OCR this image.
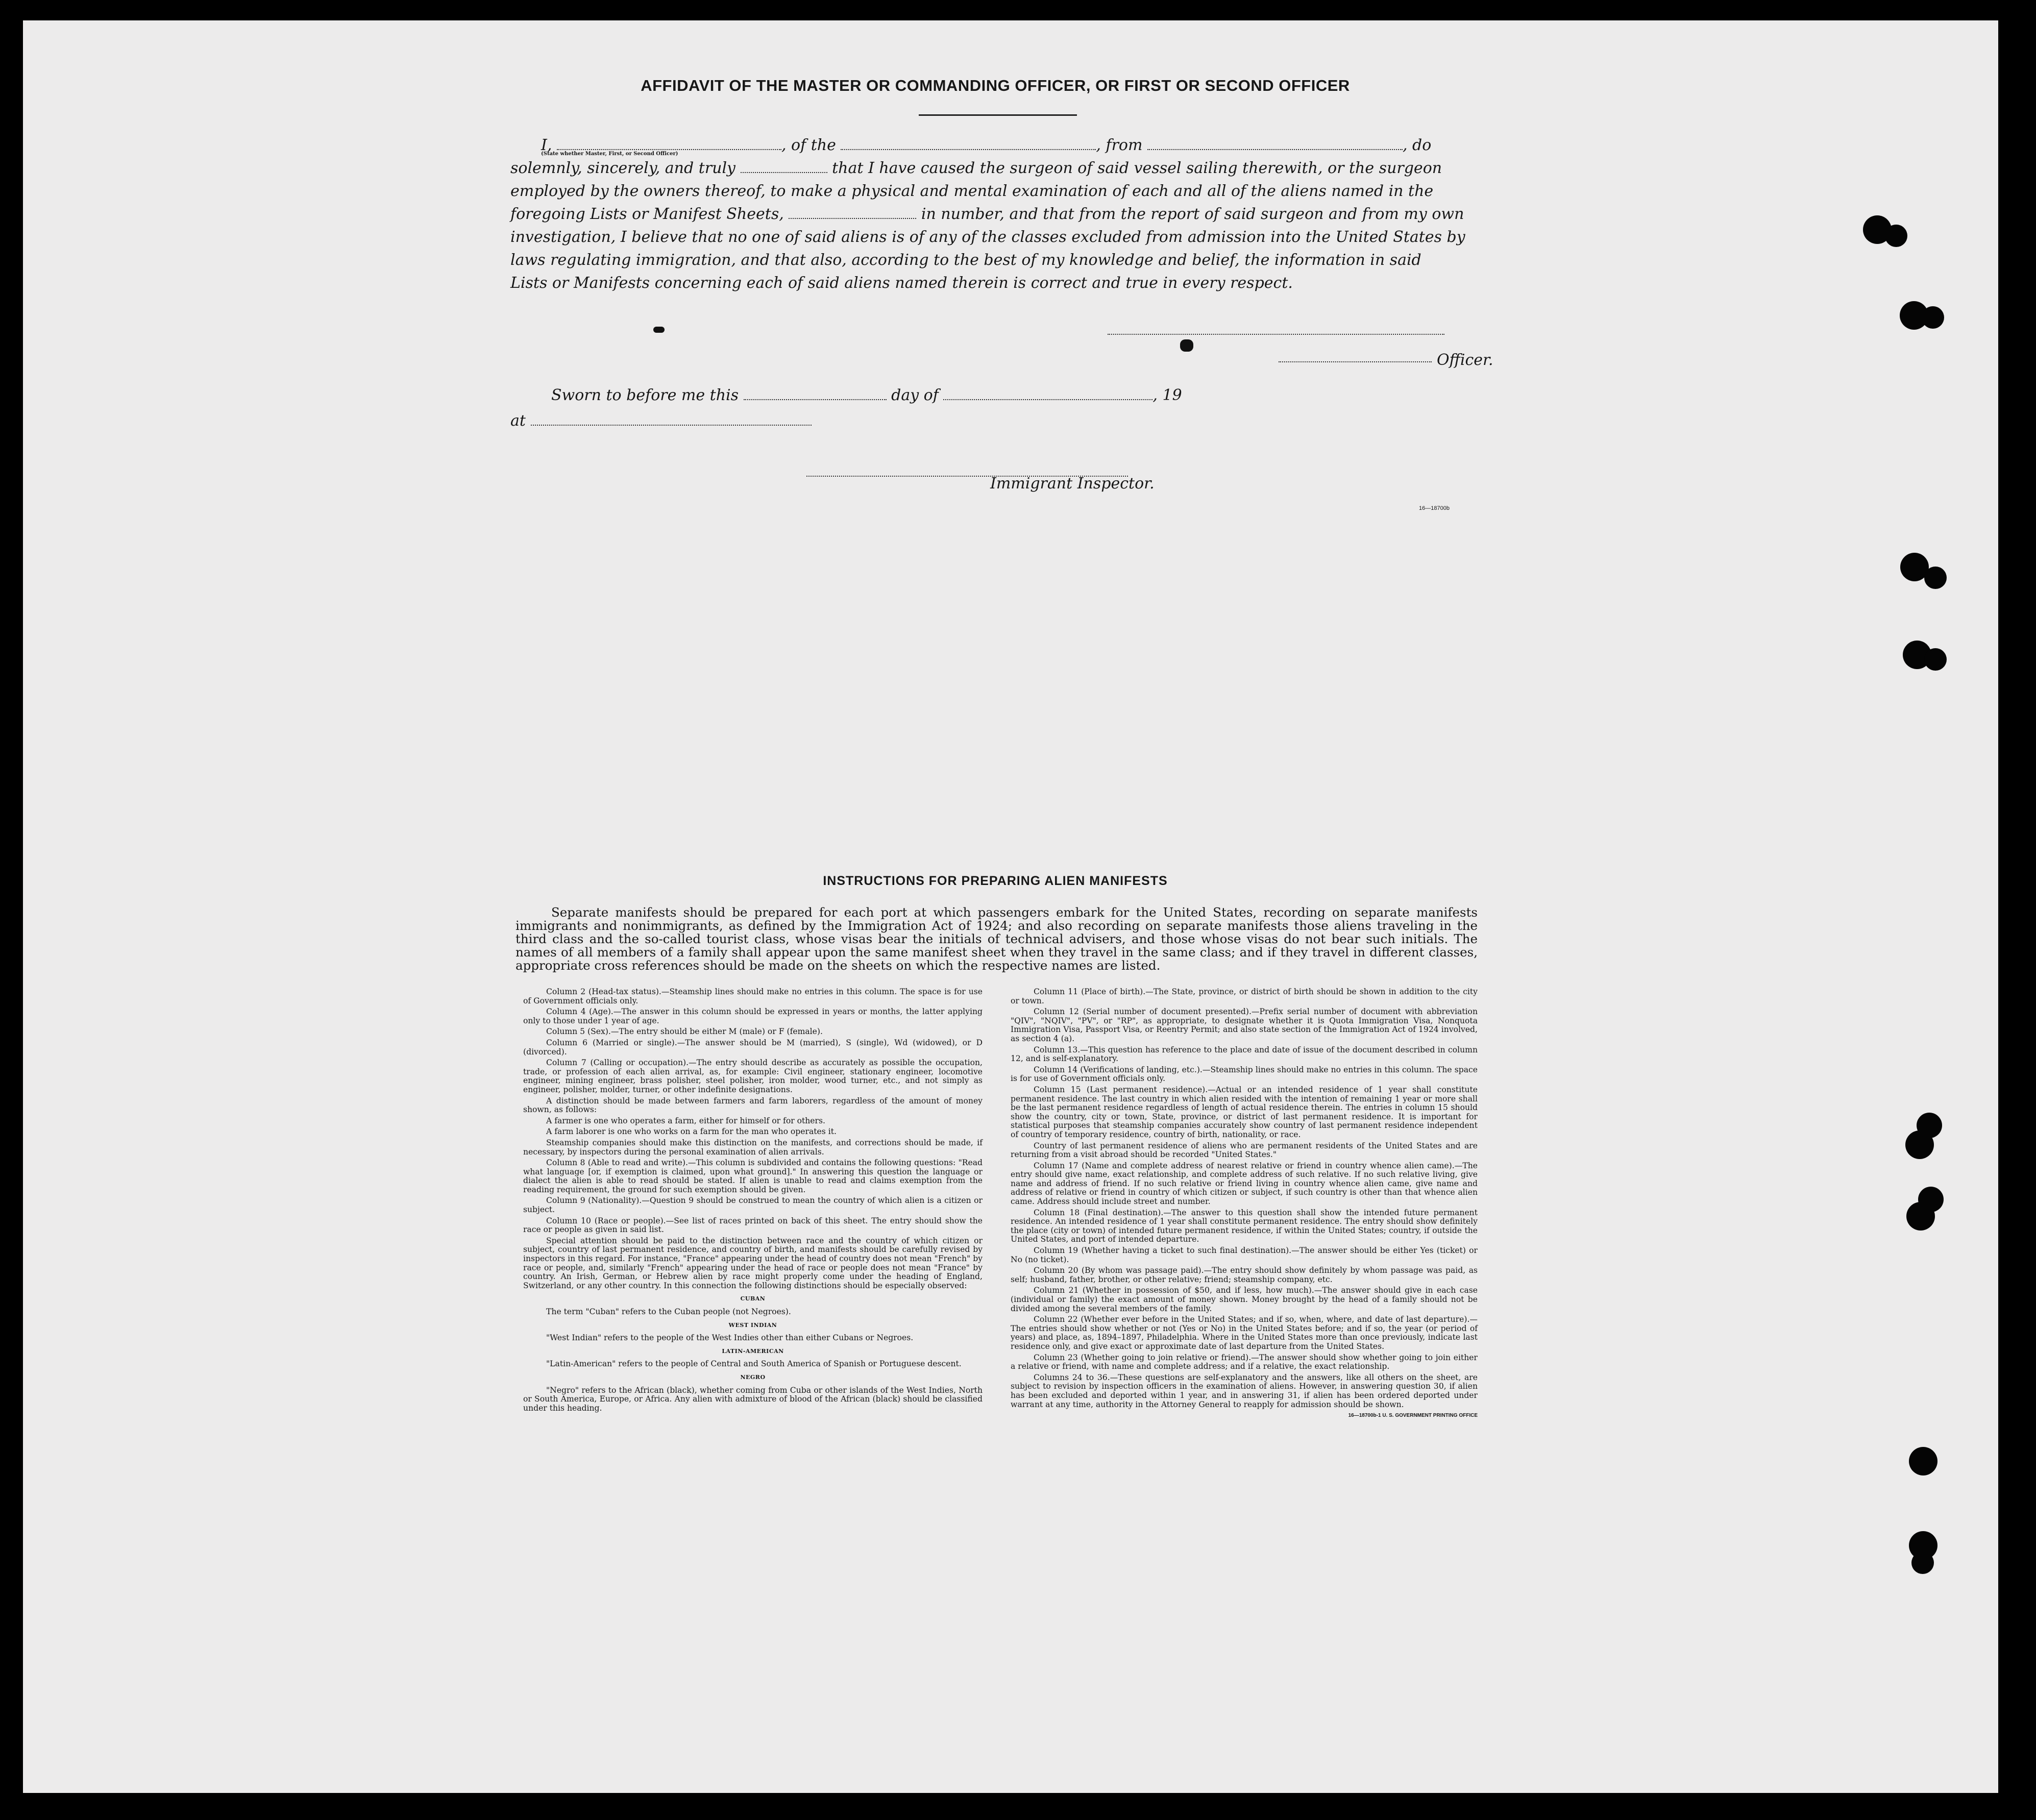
AFFIDAVIT OF THE MASTER OR COMMANDING OFFICER, OR FIRST OR SECOND OFFICER

I,	, of the	, from	, do

solemnly, sincerely, and truly	that I have caused the surgeon of said vessel sailing therewith, or the surgeon

employed by the owners thereof, to make a physical and mental examination of each and all of the aliens named in the

foregoing Lists or Manifest Sheets,	in number, and that from the report of said surgeon and from my own

investigation, I believe that no one of said aliens is of any of the classes excluded from admission into the United States by

laws regulating immigration, and that also, according to the best of my knowledge and belief, the information in said

Lists or Manifests concerning each of said aliens named therein is correct and true in every respect.

(State whether Master, First, or Second Officer)
Officer.
Sworn to before me this	day of	, 19
at
Immigrant Inspector.
16—18700b
INSTRUCTIONS FOR PREPARING ALIEN MANIFESTS

Separate manifests should be prepared for each port at which passengers embark for the United States, recording on separate manifests immigrants and nonimmigrants, as defined by the Immigration Act of 1924; and also recording on separate manifests those aliens traveling in the third class and the so-called tourist class, whose visas bear the initials of technical advisers, and those whose visas do not bear such initials. The names of all members of a family shall appear upon the same manifest sheet when they travel in the same class; and if they travel in different classes, appropriate cross references should be made on the sheets on which the respective names are listed.

Column 2 (Head-tax status).—Steamship lines should make no entries in this column. The space is for use of Government officials only.

Column 4 (Age).—The answer in this column should be expressed in years or months, the latter applying only to those under 1 year of age.

Column 5 (Sex).—The entry should be either M (male) or F (female).

Column 6 (Married or single).—The answer should be M (married), S (single), Wd (widowed), or D (divorced).

Column 7 (Calling or occupation).—The entry should describe as accurately as possible the occupation, trade, or profession of each alien arrival, as, for example: Civil engineer, stationary engineer, locomotive engineer, mining engineer, brass polisher, steel polisher, iron molder, wood turner, etc., and not simply as engineer, polisher, molder, turner, or other indefinite designations.

A distinction should be made between farmers and farm laborers, regardless of the amount of money shown, as follows:

A farmer is one who operates a farm, either for himself or for others.

A farm laborer is one who works on a farm for the man who operates it.

Steamship companies should make this distinction on the manifests, and corrections should be made, if necessary, by inspectors during the personal examination of alien arrivals.

Column 8 (Able to read and write).—This column is subdivided and contains the following questions: "Read what language [or, if exemption is claimed, upon what ground]." In answering this question the language or dialect the alien is able to read should be stated. If alien is unable to read and claims exemption from the reading requirement, the ground for such exemption should be given.

Column 9 (Nationality).—Question 9 should be construed to mean the country of which alien is a citizen or subject.

Column 10 (Race or people).—See list of races printed on back of this sheet. The entry should show the race or people as given in said list.

Special attention should be paid to the distinction between race and the country of which citizen or subject, country of last permanent residence, and country of birth, and manifests should be carefully revised by inspectors in this regard. For instance, "France" appearing under the head of country does not mean "French" by race or people, and, similarly "French" appearing under the head of race or people does not mean "France" by country. An Irish, German, or Hebrew alien by race might properly come under the heading of England, Switzerland, or any other country. In this connection the following distinctions should be especially observed:

CUBAN

The term "Cuban" refers to the Cuban people (not Negroes).

WEST INDIAN

"West Indian" refers to the people of the West Indies other than either Cubans or Negroes.

LATIN-AMERICAN

"Latin-American" refers to the people of Central and South America of Spanish or Portuguese descent.

NEGRO

"Negro" refers to the African (black), whether coming from Cuba or other islands of the West Indies, North or South America, Europe, or Africa. Any alien with admixture of blood of the African (black) should be classified under this heading.

Column 11 (Place of birth).—The State, province, or district of birth should be shown in addition to the city or town.

Column 12 (Serial number of document presented).—Prefix serial number of document with abbreviation "QIV", "NQIV", "PV", or "RP", as appropriate, to designate whether it is Quota Immigration Visa, Nonquota Immigration Visa, Passport Visa, or Reentry Permit; and also state section of the Immigration Act of 1924 involved, as section 4 (a).

Column 13.—This question has reference to the place and date of issue of the document described in column 12, and is self-explanatory.

Column 14 (Verifications of landing, etc.).—Steamship lines should make no entries in this column. The space is for use of Government officials only.

Column 15 (Last permanent residence).—Actual or an intended residence of 1 year shall constitute permanent residence. The last country in which alien resided with the intention of remaining 1 year or more shall be the last permanent residence regardless of length of actual residence therein. The entries in column 15 should show the country, city or town, State, province, or district of last permanent residence. It is important for statistical purposes that steamship companies accurately show country of last permanent residence independent of country of temporary residence, country of birth, nationality, or race.

Country of last permanent residence of aliens who are permanent residents of the United States and are returning from a visit abroad should be recorded "United States."

Column 17 (Name and complete address of nearest relative or friend in country whence alien came).—The entry should give name, exact relationship, and complete address of such relative. If no such relative living, give name and address of friend. If no such relative or friend living in country whence alien came, give name and address of relative or friend in country of which citizen or subject, if such country is other than that whence alien came. Address should include street and number.

Column 18 (Final destination).—The answer to this question shall show the intended future permanent residence. An intended residence of 1 year shall constitute permanent residence. The entry should show definitely the place (city or town) of intended future permanent residence, if within the United States; country, if outside the United States, and port of intended departure.

Column 19 (Whether having a ticket to such final destination).—The answer should be either Yes (ticket) or No (no ticket).

Column 20 (By whom was passage paid).—The entry should show definitely by whom passage was paid, as self; husband, father, brother, or other relative; friend; steamship company, etc.

Column 21 (Whether in possession of $50, and if less, how much).—The answer should give in each case (individual or family) the exact amount of money shown. Money brought by the head of a family should not be divided among the several members of the family.

Column 22 (Whether ever before in the United States; and if so, when, where, and date of last departure).—The entries should show whether or not (Yes or No) in the United States before; and if so, the year (or period of years) and place, as, 1894–1897, Philadelphia. Where in the United States more than once previously, indicate last residence only, and give exact or approximate date of last departure from the United States.

Column 23 (Whether going to join relative or friend).—The answer should show whether going to join either a relative or friend, with name and complete address; and if a relative, the exact relationship.

Columns 24 to 36.—These questions are self-explanatory and the answers, like all others on the sheet, are subject to revision by inspection officers in the examination of aliens. However, in answering question 30, if alien has been excluded and deported within 1 year, and in answering 31, if alien has been ordered deported under warrant at any time, authority in the Attorney General to reapply for admission should be shown.

16—18700b-1 U. S. GOVERNMENT PRINTING OFFICE
